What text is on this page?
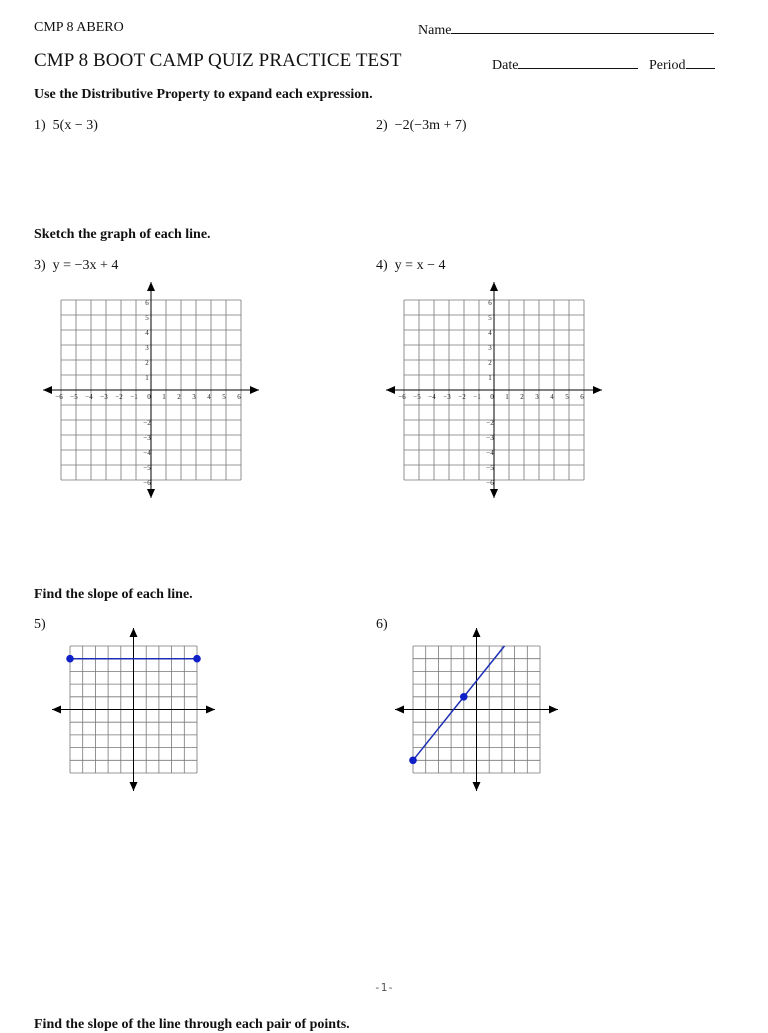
CMP 8 ABERO	Name
CMP 8 BOOT CAMP QUIZ PRACTICE TEST	Date	Period
Use the Distributive Property to expand each expression.
1) 5(x − 3)	2) −2(−3m + 7)
Sketch the graph of each line.
3) y = −3x + 4	4) y = x − 4
−6 −5 −4 −3 −2 −1 0 1 2 3 4 5 6
6
5
4
3
2
1
−2
−3
−4
−5
−6
−6 −5 −4 −3 −2 −1 0 1 2 3 4 5 6
6
5
4
3
2
1
−2
−3
−4
−5
−6
Find the slope of each line.
5)	6)
-1-
Find the slope of the line through each pair of points.
